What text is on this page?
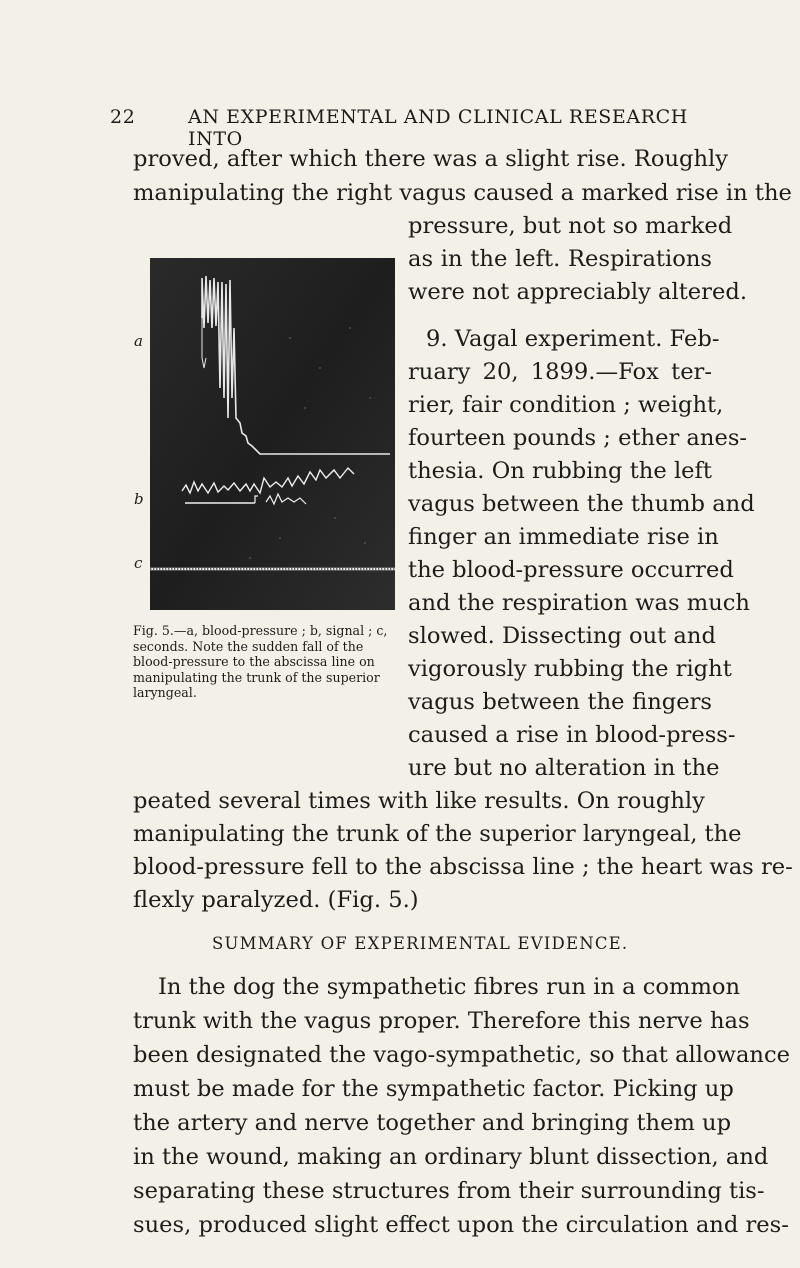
22	AN EXPERIMENTAL AND CLINICAL RESEARCH INTO
proved, after which there was a slight rise. Roughly
manipulating the right vagus caused a marked rise in the
pressure, but not so marked
as in the left. Respirations
were not appreciably altered.
9. Vagal experiment. Feb-
ruary 20, 1899.—Fox ter-
rier, fair condition ; weight,
fourteen pounds ; ether anes-
thesia. On rubbing the left
vagus between the thumb and
finger an immediate rise in
the blood-pressure occurred
and the respiration was much
slowed. Dissecting out and
vigorously rubbing the right
vagus between the fingers
caused a rise in blood-press-
ure but no alteration in the
a
b
c
Fig. 5.—a, blood-pressure ; b, signal ; c, seconds. Note the sudden fall of the blood-pressure to the abscissa line on manipulating the trunk of the superior laryngeal.
peated several times with like results. On roughly
manipulating the trunk of the superior laryngeal, the
blood-pressure fell to the abscissa line ; the heart was re-
flexly paralyzed. (Fig. 5.)
SUMMARY OF EXPERIMENTAL EVIDENCE.
In the dog the sympathetic fibres run in a common
trunk with the vagus proper. Therefore this nerve has
been designated the vago-sympathetic, so that allowance
must be made for the sympathetic factor. Picking up
the artery and nerve together and bringing them up
in the wound, making an ordinary blunt dissection, and
separating these structures from their surrounding tis-
sues, produced slight effect upon the circulation and res-
